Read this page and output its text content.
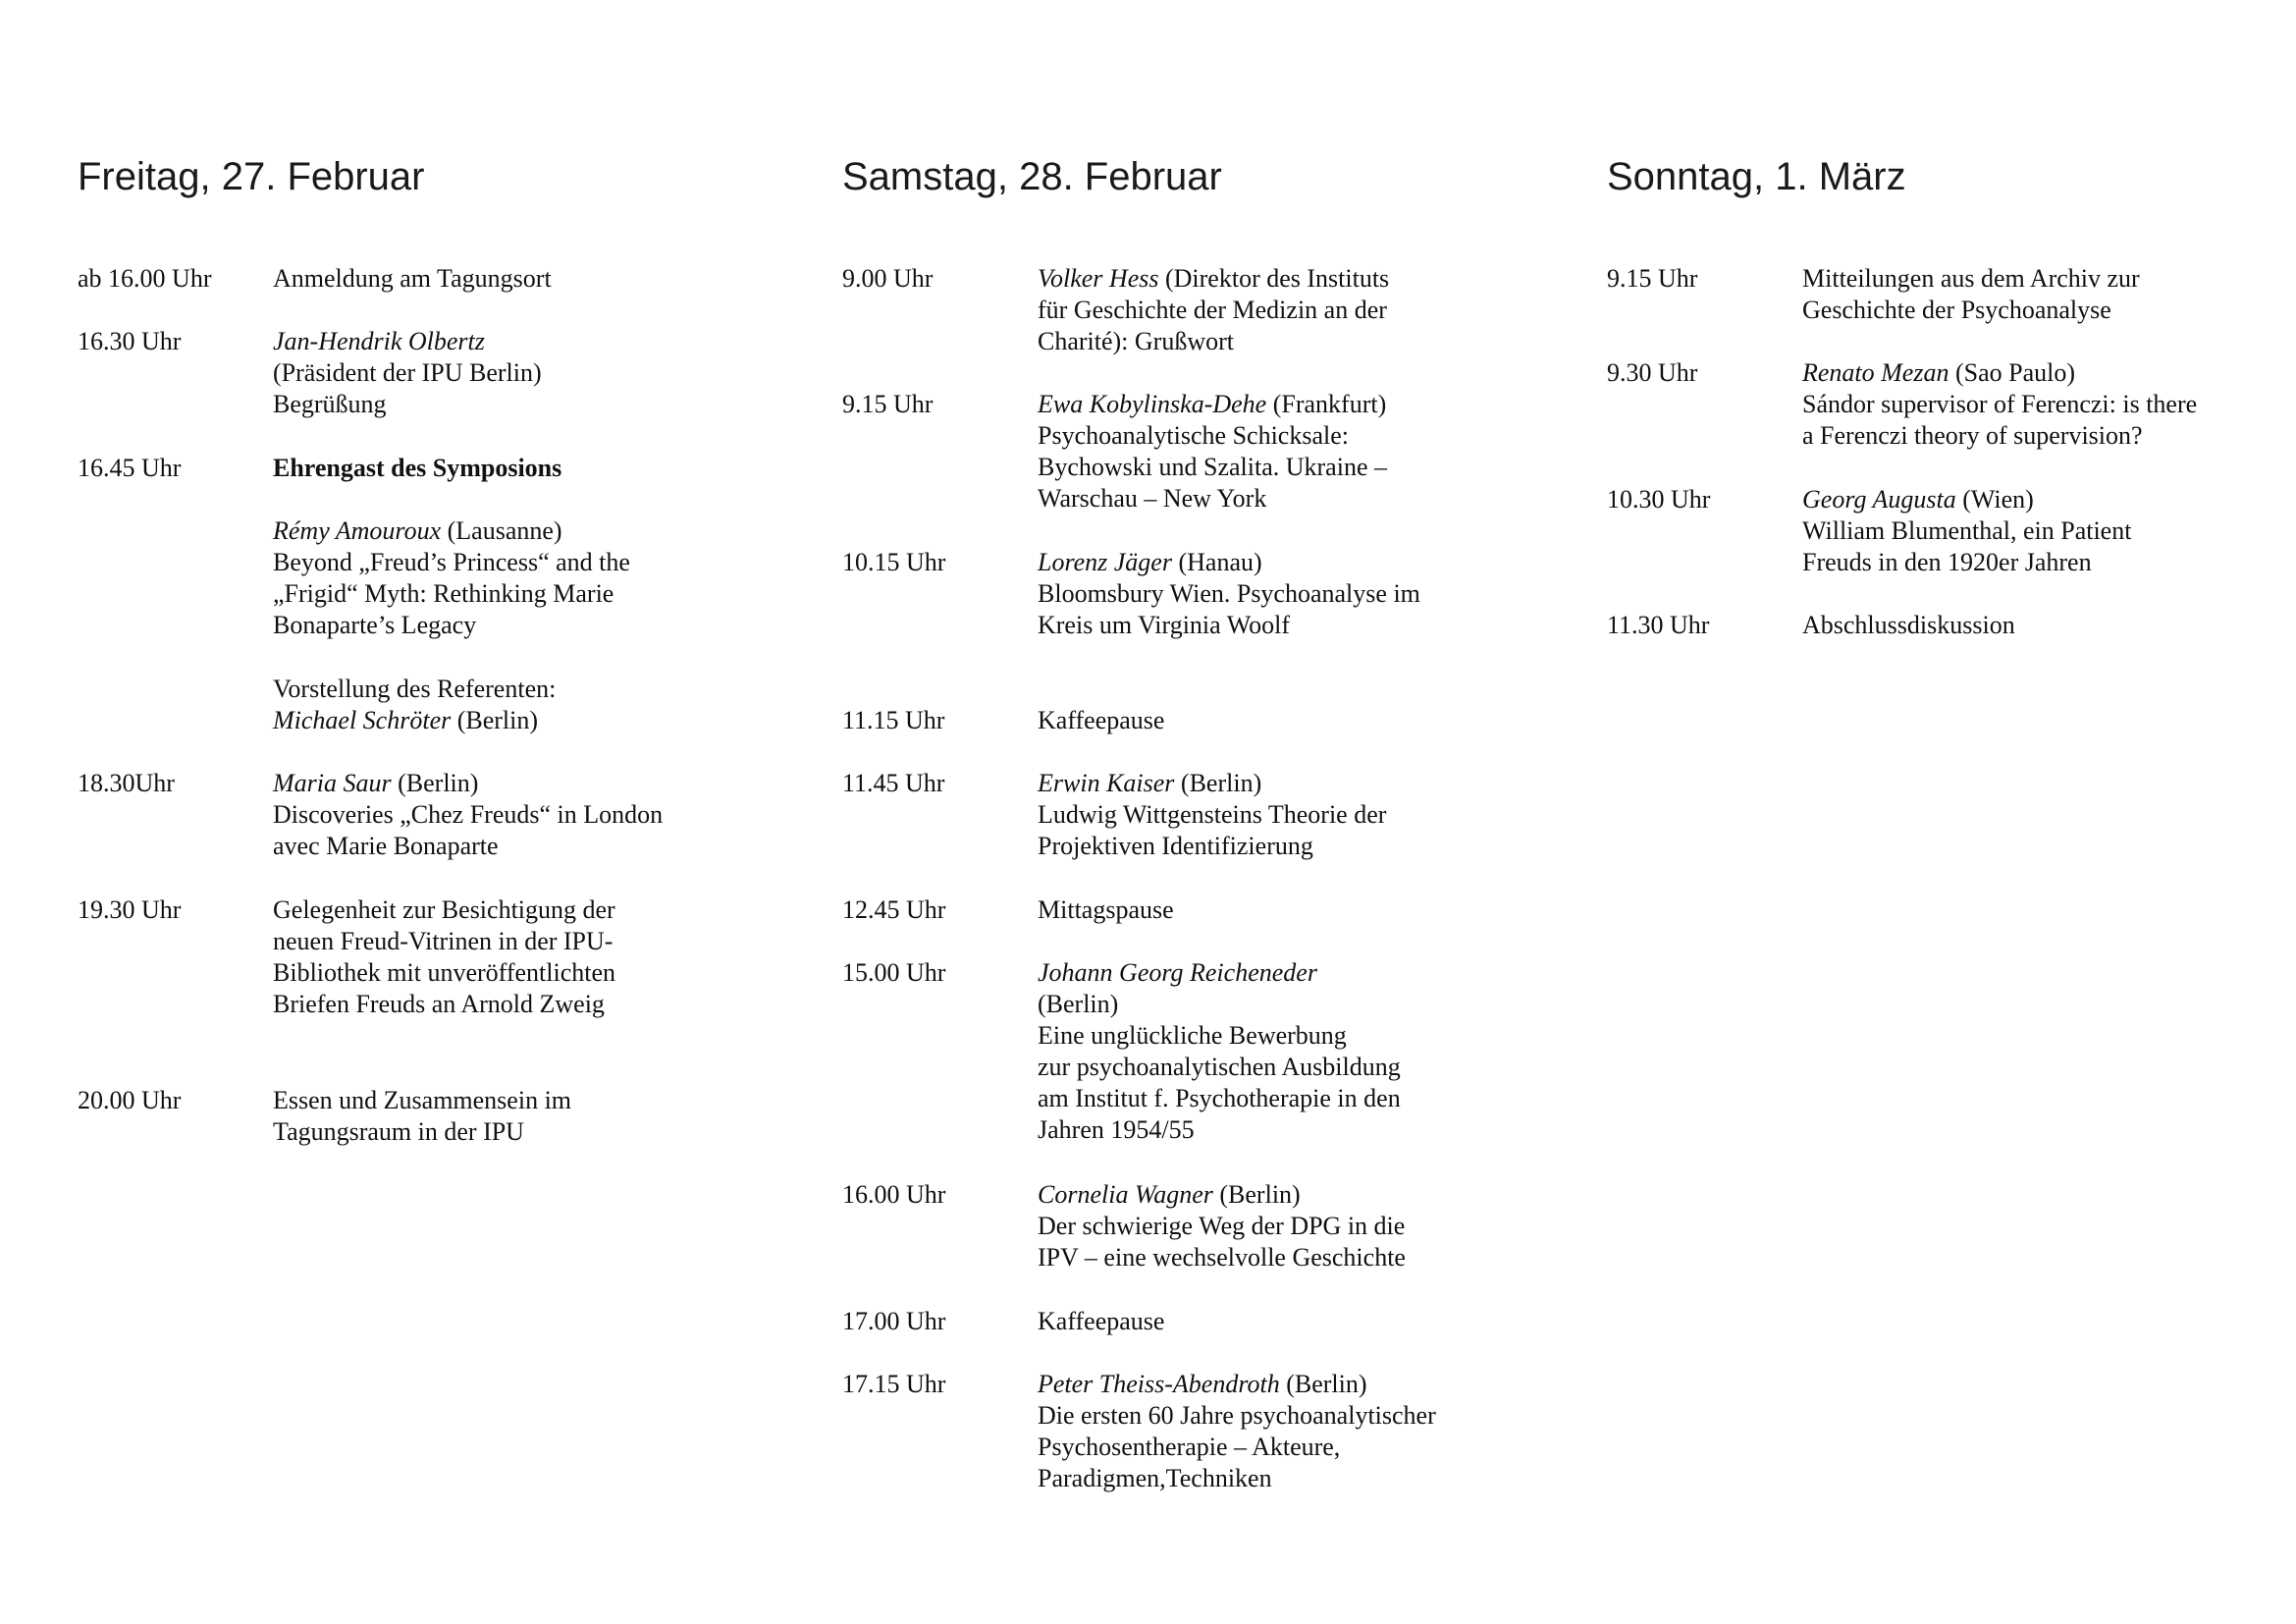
Freitag, 27. Februar
ab 16.00 Uhr Anmeldung am Tagungsort
16.30 Uhr	Jan-Hendrik Olbertz
(Präsident der IPU Berlin)
Begrüßung
16.45 Uhr	Ehrengast des Symposions
Rémy Amouroux (Lausanne)
Beyond „Freud’s Princess“ and the
„Frigid“ Myth: Rethinking Marie
Bonaparte’s Legacy
Vorstellung des Referenten:
Michael Schröter (Berlin)
18.30Uhr	Maria Saur (Berlin)
Discoveries „Chez Freuds“ in London
avec Marie Bonaparte
19.30 Uhr	Gelegenheit zur Besichtigung der
neuen Freud-Vitrinen in der IPU-
Bibliothek mit unveröffentlichten
Briefen Freuds an Arnold Zweig
20.00 Uhr	Essen und Zusammensein im
Tagungsraum in der IPU
Samstag, 28. Februar
9.00 Uhr	Volker Hess (Direktor des Instituts
für Geschichte der Medizin an der
Charité): Grußwort
9.15 Uhr	Ewa Kobylinska-Dehe (Frankfurt)
Psychoanalytische Schicksale:
Bychowski und Szalita. Ukraine –
Warschau – New York
10.15 Uhr	Lorenz Jäger (Hanau)
Bloomsbury Wien. Psychoanalyse im
Kreis um Virginia Woolf
11.15 Uhr	Kaffeepause
11.45 Uhr	Erwin Kaiser (Berlin)
Ludwig Wittgensteins Theorie der
Projektiven Identifizierung
12.45 Uhr	Mittagspause
15.00 Uhr	Johann Georg Reicheneder
(Berlin)
Eine unglückliche Bewerbung
zur psychoanalytischen Ausbildung
am Institut f. Psychotherapie in den
Jahren 1954/55
16.00 Uhr	Cornelia Wagner (Berlin)
Der schwierige Weg der DPG in die
IPV – eine wechselvolle Geschichte
17.00 Uhr	Kaffeepause
17.15 Uhr	Peter Theiss-Abendroth (Berlin)
Die ersten 60 Jahre psychoanalytischer
Psychosentherapie – Akteure,
Paradigmen,Techniken
Sonntag, 1. März
9.15 Uhr	Mitteilungen aus dem Archiv zur
Geschichte der Psychoanalyse
9.30 Uhr	Renato Mezan (Sao Paulo)
Sándor supervisor of Ferenczi: is there
a Ferenczi theory of supervision?
10.30 Uhr	Georg Augusta (Wien)
William Blumenthal, ein Patient
Freuds in den 1920er Jahren
11.30 Uhr	Abschlussdiskussion
